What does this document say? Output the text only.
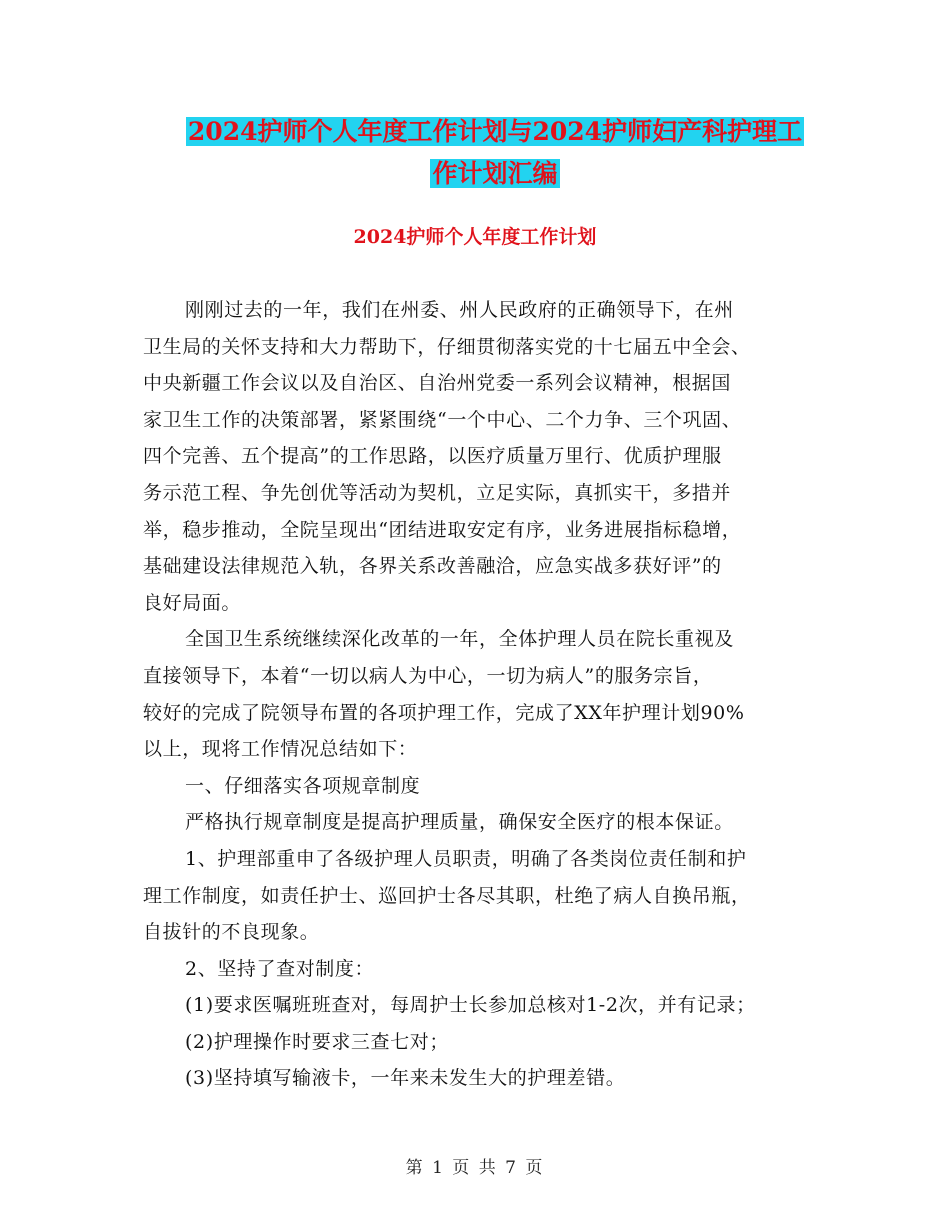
2024护师个人年度工作计划与2024护师妇产科护理工
作计划汇编
2024护师个人年度工作计划
刚刚过去的一年，我们在州委、州人民政府的正确领导下，在州
卫生局的关怀支持和大力帮助下，仔细贯彻落实党的十七届五中全会、
中央新疆工作会议以及自治区、自治州党委一系列会议精神，根据国
家卫生工作的决策部署，紧紧围绕“一个中心、二个力争、三个巩固、
四个完善、五个提高”的工作思路，以医疗质量万里行、优质护理服
务示范工程、争先创优等活动为契机，立足实际，真抓实干，多措并
举，稳步推动，全院呈现出“团结进取安定有序，业务进展指标稳增，
基础建设法律规范入轨，各界关系改善融洽，应急实战多获好评”的
良好局面。
全国卫生系统继续深化改革的一年，全体护理人员在院长重视及
直接领导下，本着“一切以病人为中心，一切为病人”的服务宗旨，
较好的完成了院领导布置的各项护理工作，完成了XX年护理计划90%
以上，现将工作情况总结如下：
一、仔细落实各项规章制度
严格执行规章制度是提高护理质量，确保安全医疗的根本保证。
1、护理部重申了各级护理人员职责，明确了各类岗位责任制和护
理工作制度，如责任护士、巡回护士各尽其职，杜绝了病人自换吊瓶，
自拔针的不良现象。
2、坚持了查对制度：
(1)要求医嘱班班查对，每周护士长参加总核对1-2次，并有记录；
(2)护理操作时要求三查七对；
(3)坚持填写输液卡，一年来未发生大的护理差错。
第 1 页 共 7 页
